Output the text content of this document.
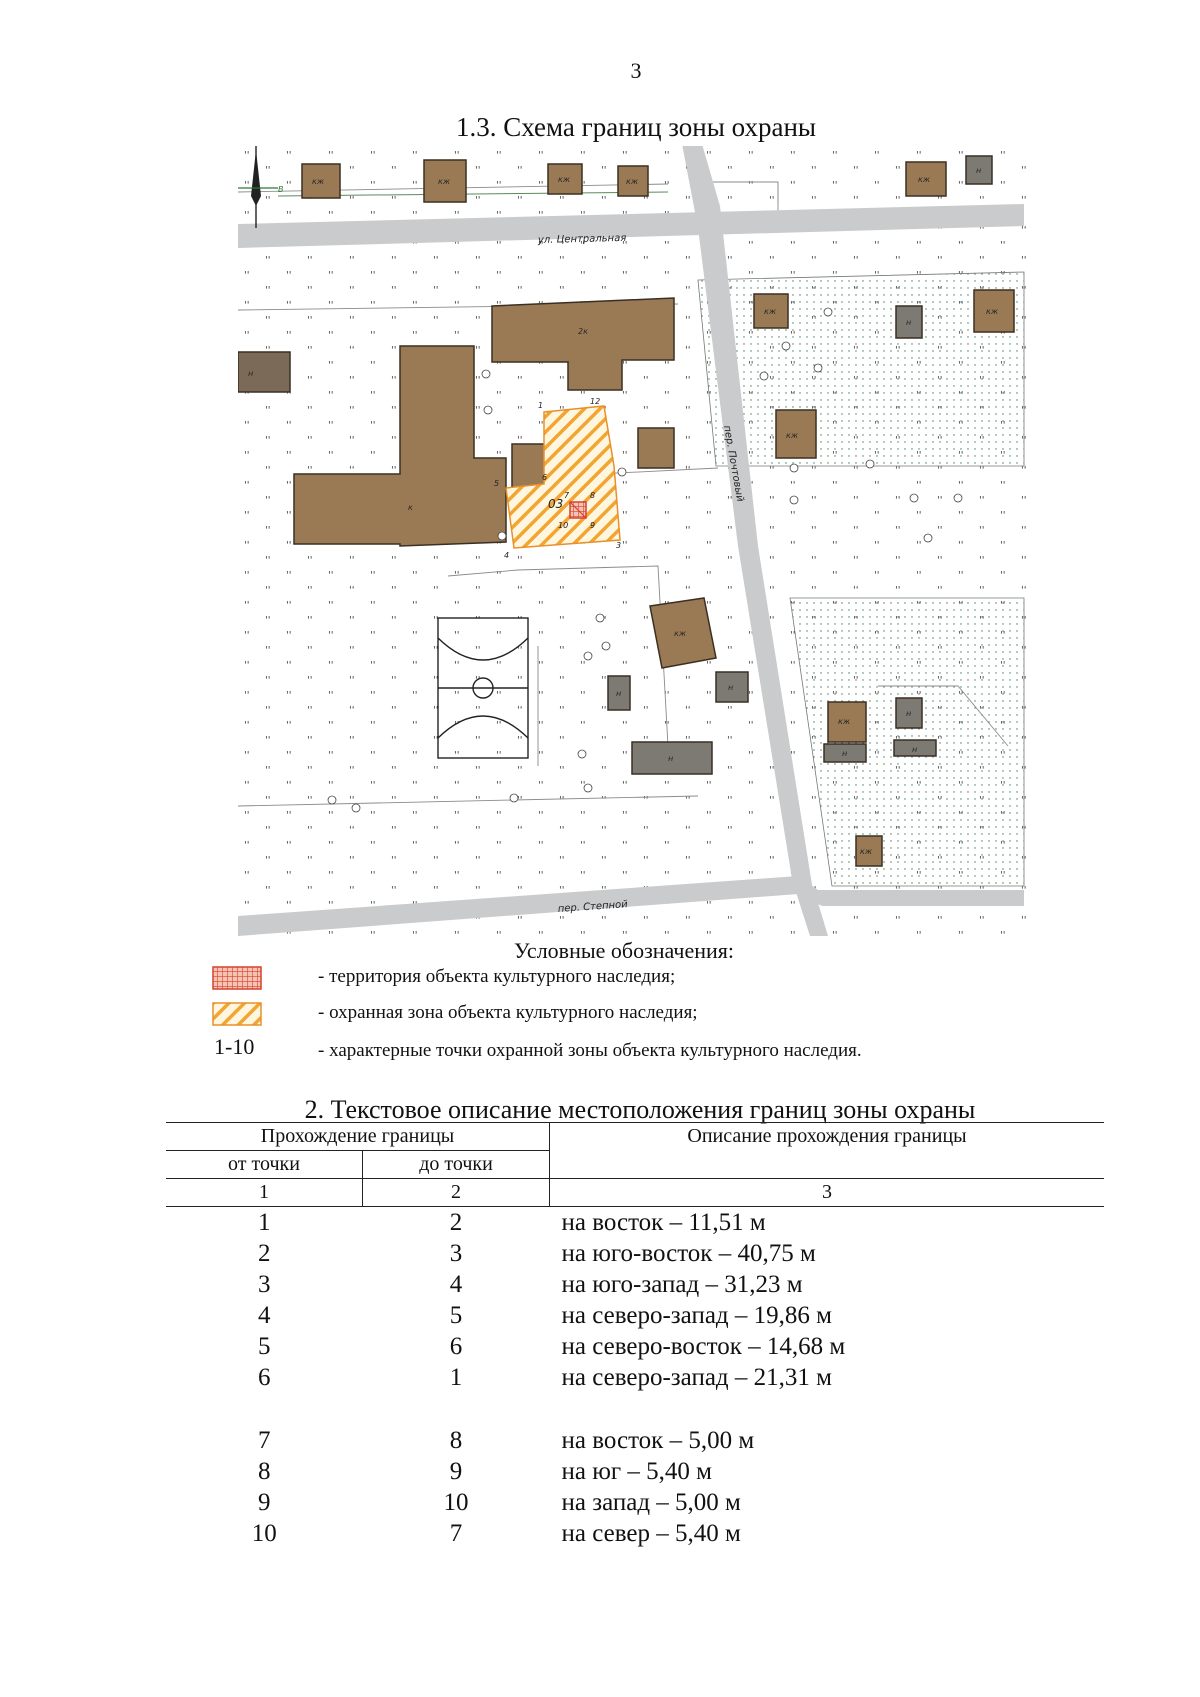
3
1.3. Схема границ зоны охраны
В
кж	кж	кж	кж	кж
н
кж
н
кж
н
2к
к
кж
кж
н
н
н
кж
н
н	н
кж
03
1	12
3
4
5
6
7	8
9
10
ул. Центральная
пер. Почтовый
пер. Степной
Условные обозначения:
- территория объекта культурного наследия;
- охранная зона объекта культурного наследия;
1-10	- характерные точки охранной зоны объекта культурного наследия.
2. Текстовое описание местоположения границ зоны охраны
Прохождение границы		Описание прохождения границы
от точки	до точки	
1	2	3
1	2	на восток – 11,51 м
2	3	на юго-восток – 40,75 м
3	4	на юго-запад – 31,23 м
4	5	на северо-запад – 19,86 м
5	6	на северо-восток – 14,68 м
6	1	на северо-запад – 21,31 м

7	8	на восток – 5,00 м
8	9	на юг – 5,40 м
9	10	на запад – 5,00 м
10	7	на север – 5,40 м
